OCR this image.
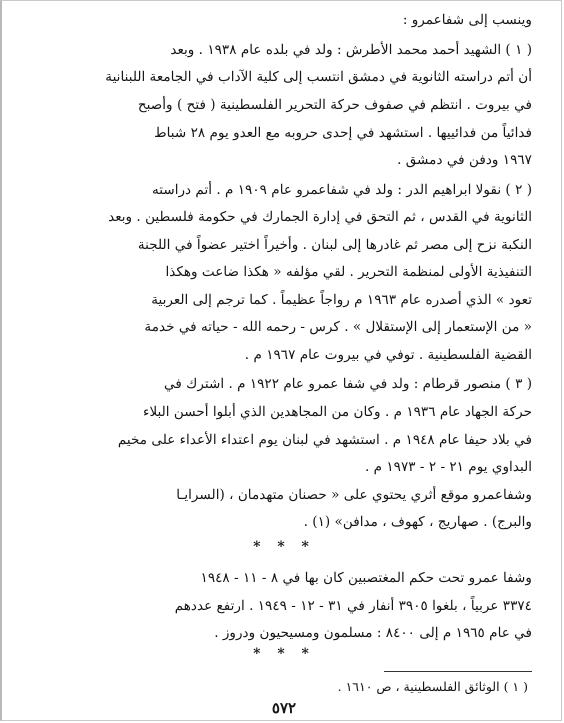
وينسب إلى شفاعمرو :
( ١ ) الشهيد أحمد محمد الأطرش : ولد في بلده عام ١٩٣٨ . وبعد
أن أتم دراسته الثانوية في دمشق انتسب إلى كلية الآداب في الجامعة اللبنانية
في بيروت . انتظم في صفوف حركة التحرير الفلسطينية ( فتح ) وأصبح
فدائياً من فدائييها . استشهد في إحدى حروبه مع العدو يوم ٢٨ شباط
١٩٦٧ ودفن في دمشق .
( ٢ ) نقولا ابراهيم الدر : ولد في شفاعمرو عام ١٩٠٩ م . أتم دراسته
الثانوية في القدس ، ثم التحق في إدارة الجمارك في حكومة فلسطين . وبعد
النكبة نزح إلى مصر ثم غادرها إلى لبنان . وأخيراً اختير عضواً في اللجنة
التنفيذية الأولى لمنظمة التحرير . لقي مؤلفه « هكذا ضاعت وهكذا
تعود » الذي أصدره عام ١٩٦٣ م رواجاً عظيماً . كما ترجم إلى العربية
« من الإستعمار إلى الإستقلال » . كرس - رحمه الله - حياته في خدمة
القضية الفلسطينية . توفي في بيروت عام ١٩٦٧ م .
( ٣ ) منصور قرطام : ولد في شفا عمرو عام ١٩٢٢ م . اشترك في
حركة الجهاد عام ١٩٣٦ م . وكان من المجاهدين الذي أبلوا أحسن البلاء
في بلاد حيفا عام ١٩٤٨ م . استشهد في لبنان يوم اعتداء الأعداء على مخيم
البداوي يوم ٢١ - ٢ - ١٩٧٣ م .
وشفاعمرو موقع أثري يحتوي على « حصنان متهدمان ، (السرايـا
والبرج) . صهاريج ، كهوف ، مدافن» (١) .
* * *
وشفا عمرو تحت حكم المغتصبين كان بها في ٨ - ١١ - ١٩٤٨
٣٣٧٤ عربياً ، بلغوا ٣٩٠٥ أنفار في ٣١ - ١٢ - ١٩٤٩ . ارتفع عددهم
في عام ١٩٦٥ م إلى ٨٤٠٠ : مسلمون ومسيحيون ودروز .
* * *
( ١ ) الوثائق الفلسطينية ، ص ١٦١٠ .
٥٧٢
